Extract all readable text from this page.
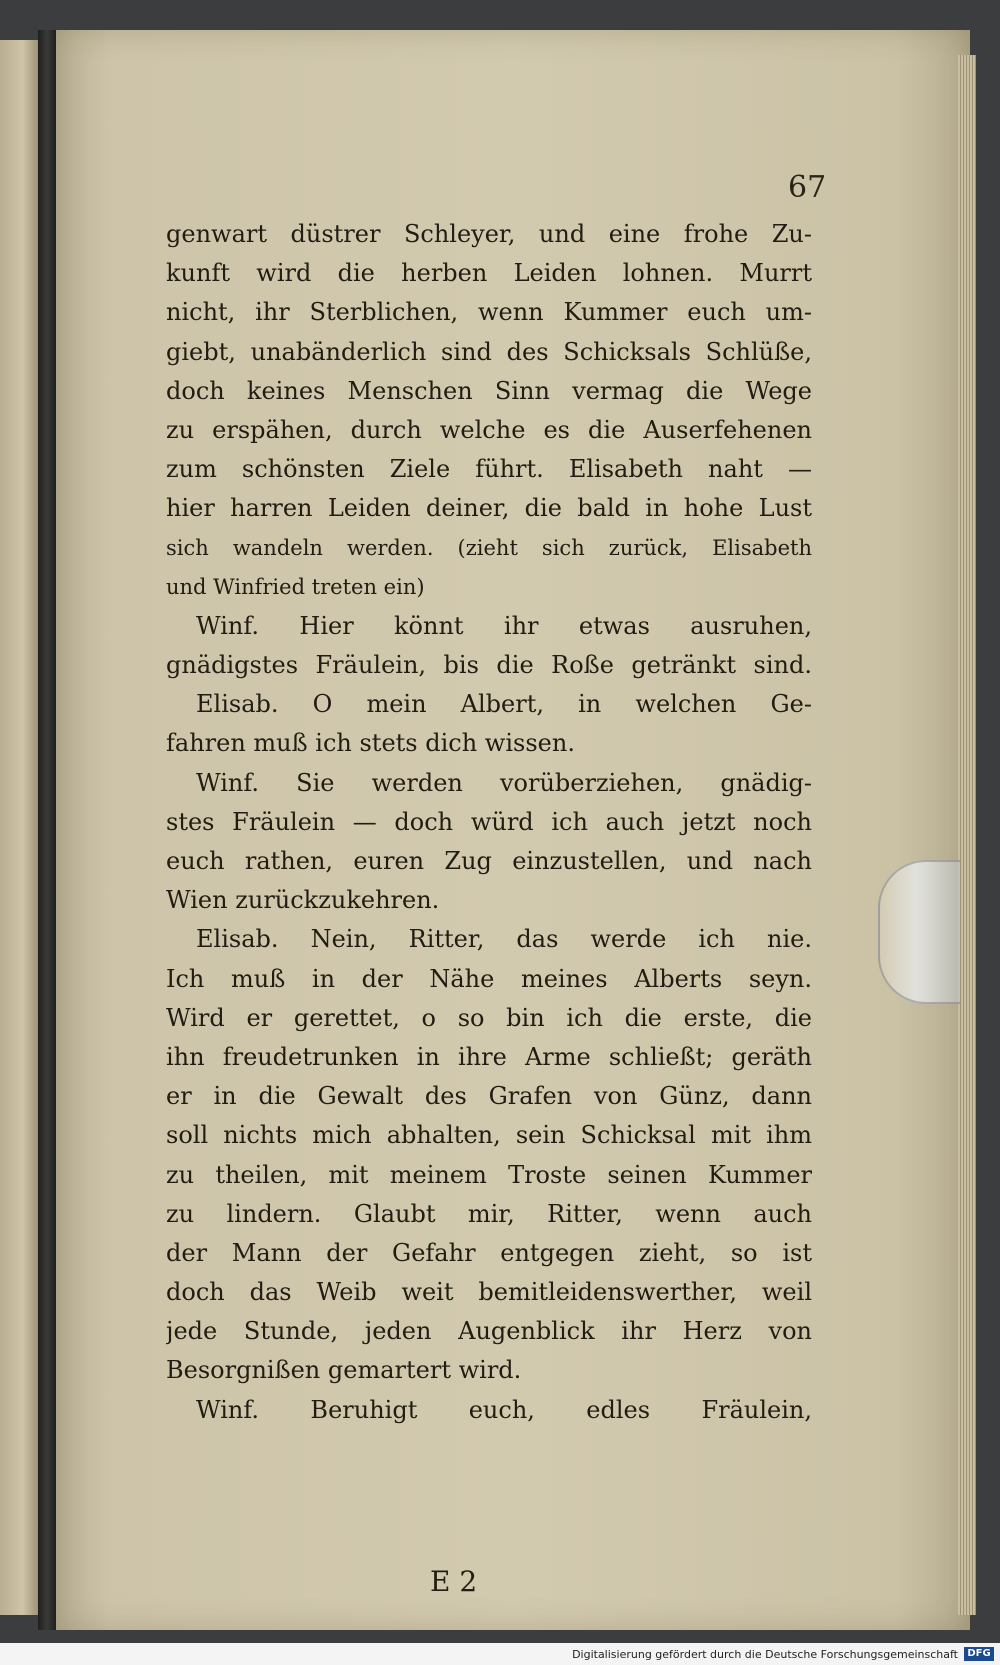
67
genwart düstrer Schleyer, und eine frohe Zu-
kunft wird die herben Leiden lohnen. Murrt
nicht, ihr Sterblichen, wenn Kummer euch um-
giebt, unabänderlich sind des Schicksals Schlüße,
doch keines Menschen Sinn vermag die Wege
zu erspähen, durch welche es die Auserfehenen
zum schönsten Ziele führt. Elisabeth naht —
hier harren Leiden deiner, die bald in hohe Lust
sich wandeln werden. (zieht sich zurück, Elisabeth
und Winfried treten ein)
Winf. Hier könnt ihr etwas ausruhen,
gnädigstes Fräulein, bis die Roße getränkt sind.
Elisab. O mein Albert, in welchen Ge-
fahren muß ich stets dich wissen.
Winf. Sie werden vorüberziehen, gnädig-
stes Fräulein — doch würd ich auch jetzt noch
euch rathen, euren Zug einzustellen, und nach
Wien zurückzukehren.
Elisab. Nein, Ritter, das werde ich nie.
Ich muß in der Nähe meines Alberts seyn.
Wird er gerettet, o so bin ich die erste, die
ihn freudetrunken in ihre Arme schließt; geräth
er in die Gewalt des Grafen von Günz, dann
soll nichts mich abhalten, sein Schicksal mit ihm
zu theilen, mit meinem Troste seinen Kummer
zu lindern. Glaubt mir, Ritter, wenn auch
der Mann der Gefahr entgegen zieht, so ist
doch das Weib weit bemitleidenswerther, weil
jede Stunde, jeden Augenblick ihr Herz von
Besorgnißen gemartert wird.
Winf. Beruhigt euch, edles Fräulein,
E 2
Digitalisierung gefördert durch die Deutsche Forschungsgemeinschaft DFG
